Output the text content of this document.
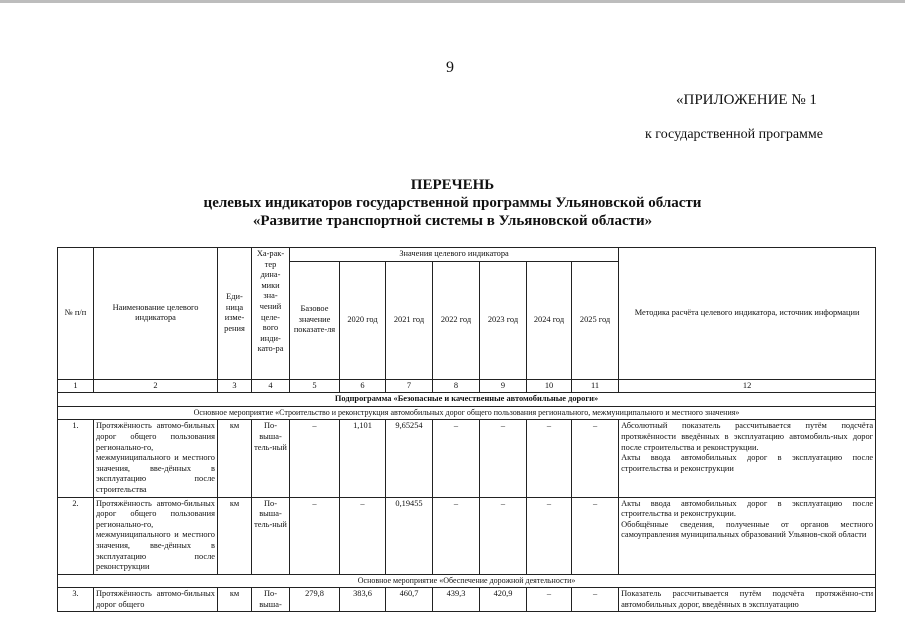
9
«ПРИЛОЖЕНИЕ № 1
к государственной программе
ПЕРЕЧЕНЬ
целевых индикаторов государственной программы Ульяновской области
«Развитие транспортной системы в Ульяновской области»
№ п/п	Наименование целевого индикатора	Еди-ница изме-рения	Ха-рак-тер дина-мики зна-чений целе-вого инди-като-ра	Значения целевого индикатора							Методика расчёта целевого индикатора, источник информации
				Базовое значение показате-ля	2020 год	2021 год	2022 год	2023 год	2024 год	2025 год	
1	2	3	4	5	6	7	8	9	10	11	12
Подпрограмма «Безопасные и качественные автомобильные дороги»											
Основное мероприятие «Строительство и реконструкция автомобильных дорог общего пользования регионального, межмуниципального и местного значения»											
1.	Протяжённость автомо-бильных дорог общего пользования регионально-го, межмуниципального и местного значения, вве-дённых в эксплуатацию после строительства	км	По-выша-тель-ный	–	1,101	9,65254	–	–	–	–	Абсолютный показатель рассчитывается путём подсчёта протяжённости введённых в эксплуатацию автомобиль-ных дорог после строительства и реконструкции.
Акты ввода автомобильных дорог в эксплуатацию после строительства и реконструкции

2.	Протяжённость автомо-бильных дорог общего пользования регионально-го, межмуниципального и местного значения, вве-дённых в эксплуатацию после реконструкции	км	По-выша-тель-ный	–	–	0,19455	–	–	–	–	Акты ввода автомобильных дорог в эксплуатацию после строительства и реконструкции.
Обобщённые сведения, полученные от органов местного самоуправления муниципальных образований Ульянов-ской области

Основное мероприятие «Обеспечение дорожной деятельности»											
3.	Протяжённость автомо-бильных дорог общего	км	По-выша-	279,8	383,6	460,7	439,3	420,9	–	–	Показатель рассчитывается путём подсчёта протяжённо-сти автомобильных дорог, введённых в эксплуатацию
